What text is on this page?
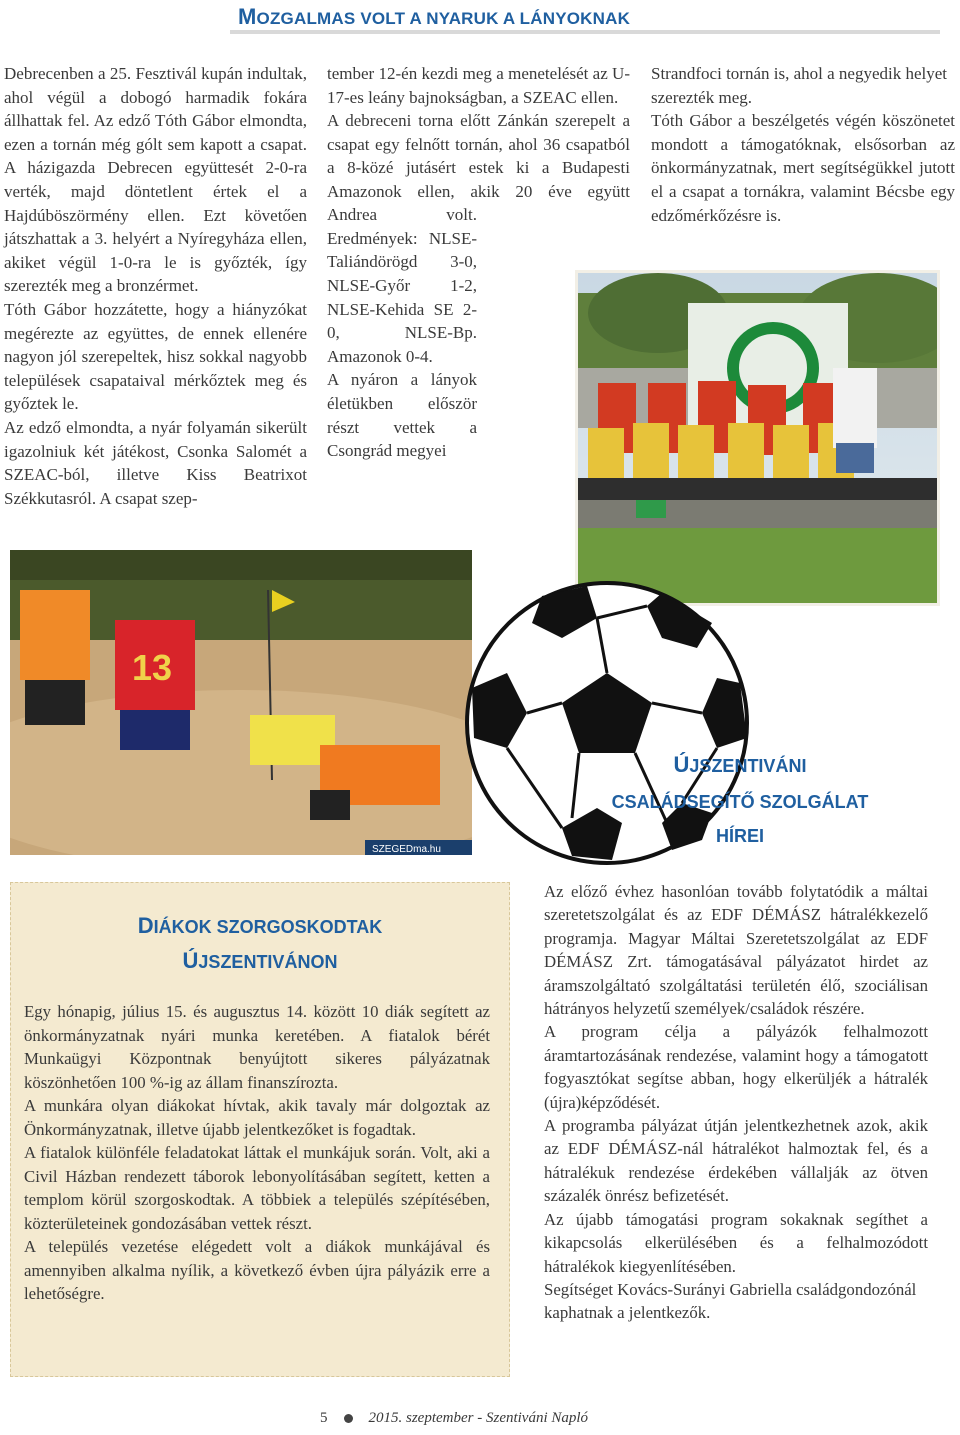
MOZGALMAS VOLT A NYARUK A LÁNYOKNAK

Debrecenben a 25. Fesztivál kupán indultak, ahol végül a dobogó harmadik fokára állhattak fel. Az edző Tóth Gábor elmondta, ezen a tornán még gólt sem kapott a csapat. A házigazda Debrecen együttesét 2-0-ra verték, majd döntetlent értek el a Hajdúböszörmény ellen. Ezt követően játszhattak a 3. helyért a Nyíregyháza ellen, akiket végül 1-0-ra le is győzték, így szerezték meg a bronzérmet.

Tóth Gábor hozzátette, hogy a hiányzókat megérezte az együttes, de ennek ellenére nagyon jól szerepeltek, hisz sokkal nagyobb települések csapataival mérkőztek meg és győztek le.

Az edző elmondta, a nyár folyamán sikerült igazolniuk két játékost, Csonka Salomét a SZEAC-ból, illetve Kiss Beatrixot Székkutasról. A csapat szep-

tember 12-én kezdi meg a menetelését az U-17-es leány bajnokságban, a SZEAC ellen.

A debreceni torna előtt Zánkán szerepelt a csapat egy felnőtt tornán, ahol 36 csapatból a 8-közé jutásért estek ki a Budapesti Amazonok ellen, akik 20 éve együtt

Andrea volt. Eredmények: NLSE-Taliándörögd 3-0, NLSE-Győr 1-2, NLSE-Kehida SE 2-0, NLSE-Bp. Amazonok 0-4.

A nyáron a lányok életükben először részt vettek a Csongrád megyei

Strandfoci tornán is, ahol a negyedik helyet szerezték meg.

Tóth Gábor a beszélgetés végén köszönetet mondott a támogatóknak, elsősorban az önkormányzatnak, mert segítségükkel jutott el a csapat a tornákra, valamint Bécsbe egy edzőmérkőzésre is.

13
SZEGEDma.hu
ÚJSZENTIVÁNI
CSALÁDSEGÍTŐ SZOLGÁLAT
HÍREI
DIÁKOK SZORGOSKODTAK
ÚJSZENTIVÁNON

Egy hónapig, július 15. és augusztus 14. között 10 diák segített az önkormányzatnak nyári munka keretében. A fiatalok bérét Munkaügyi Központnak benyújtott sikeres pályázatnak köszönhetően 100 %-ig az állam finanszírozta.

A munkára olyan diákokat hívtak, akik tavaly már dolgoztak az Önkormányzatnak, illetve újabb jelentkezőket is fogadtak.

A fiatalok különféle feladatokat láttak el munkájuk során. Volt, aki a Civil Házban rendezett táborok lebonyolításában segített, ketten a templom körül szorgoskodtak. A többiek a település szépítésében, közterületeinek gondozásában vettek részt.

A település vezetése elégedett volt a diákok munkájával és amennyiben alkalma nyílik, a következő évben újra pályázik erre a lehetőségre.

Az előző évhez hasonlóan tovább folytatódik a máltai szeretetszolgálat és az EDF DÉMÁSZ hátralékkezelő programja. Magyar Máltai Szeretetszolgálat az EDF DÉMÁSZ Zrt. támogatásával pályázatot hirdet az áramszolgáltató szolgáltatási területén élő, szociálisan hátrányos helyzetű személyek/családok részére.

A program célja a pályázók felhalmozott áramtartozásának rendezése, valamint hogy a támogatott fogyasztókat segítse abban, hogy elkerüljék a hátralék (újra)képződését.

A programba pályázat útján jelentkezhetnek azok, akik az EDF DÉMÁSZ-nál hátralékot halmoztak fel, és a hátralékuk rendezése érdekében vállalják az ötven százalék önrész befizetését.

Az újabb támogatási program sokaknak segíthet a kikapcsolás elkerülésében és a felhalmozódott hátralékok kiegyenlítésében.

Segítséget Kovács-Surányi Gabriella családgondozónál kaphatnak a jelentkezők.

5	2015. szeptember - Szentiváni Napló
